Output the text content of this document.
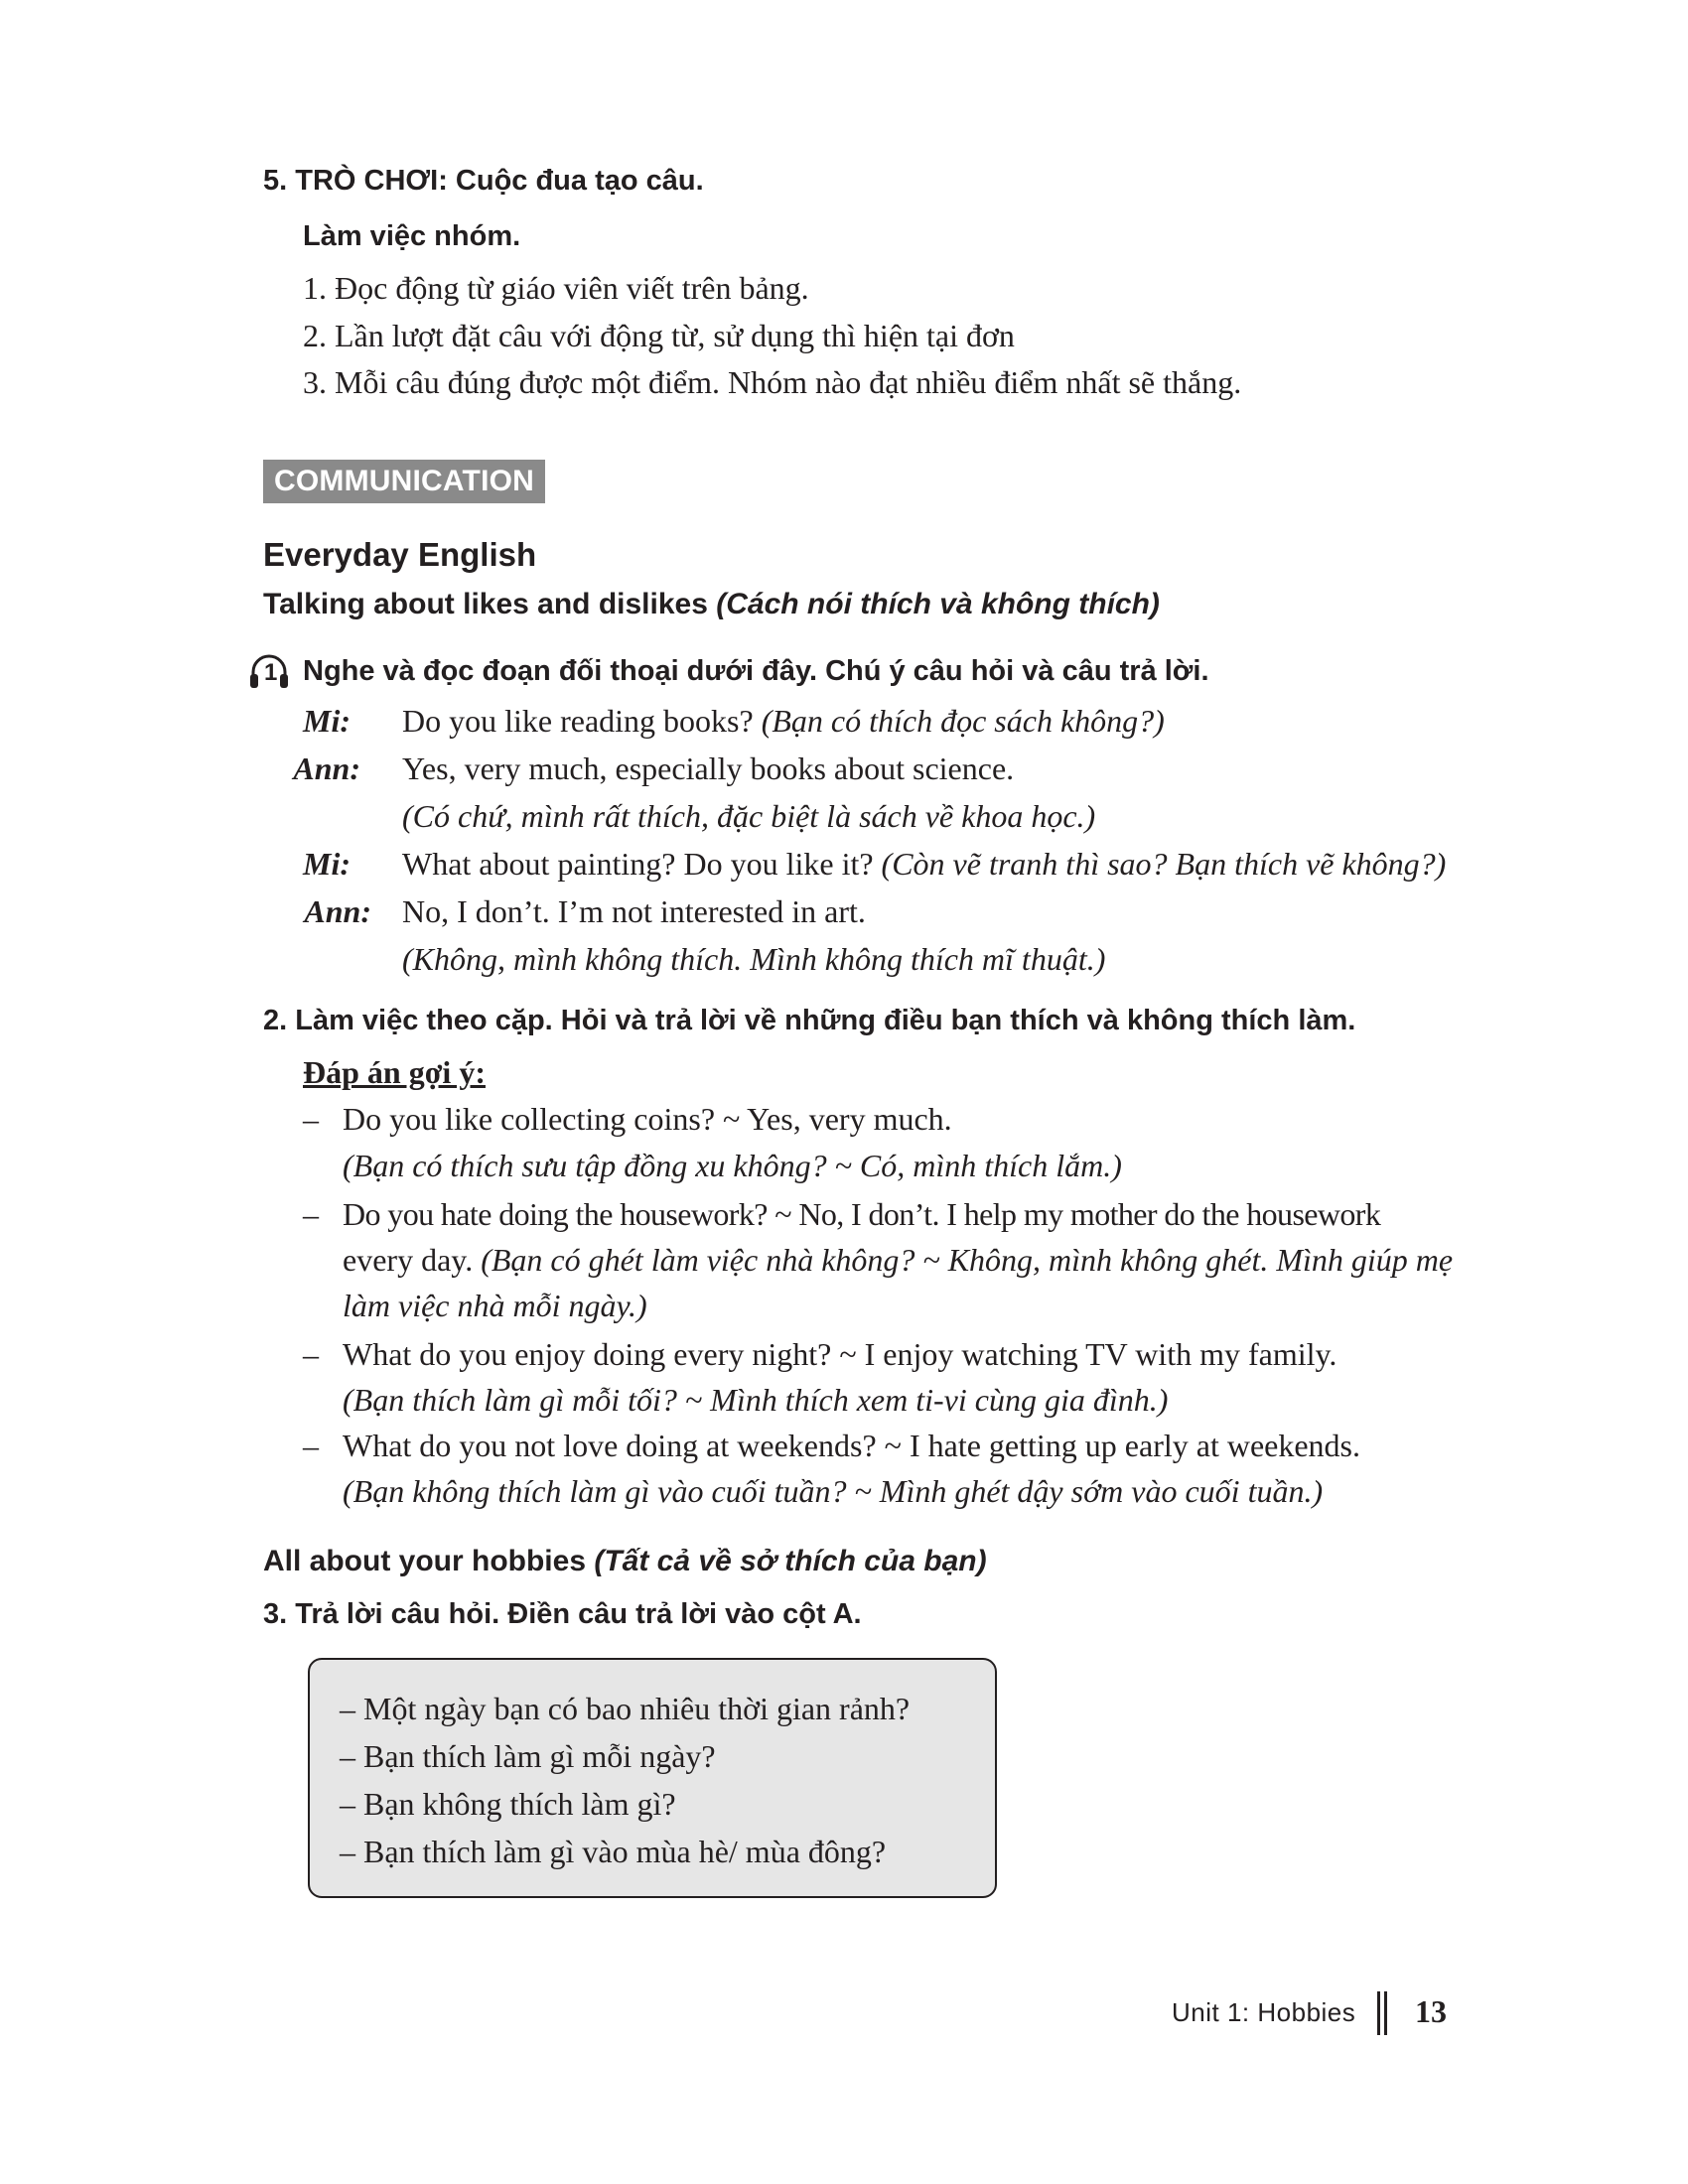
5. TRÒ CHƠI: Cuộc đua tạo câu.
Làm việc nhóm.
1. Đọc động từ giáo viên viết trên bảng.
2. Lần lượt đặt câu với động từ, sử dụng thì hiện tại đơn
3. Mỗi câu đúng được một điểm. Nhóm nào đạt nhiều điểm nhất sẽ thắng.
COMMUNICATION
Everyday English
Talking about likes and dislikes (Cách nói thích và không thích)
1 Nghe và đọc đoạn đối thoại dưới đây. Chú ý câu hỏi và câu trả lời.
Mi: Do you like reading books? (Bạn có thích đọc sách không?)
Ann: Yes, very much, especially books about science.
(Có chứ, mình rất thích, đặc biệt là sách về khoa học.)
Mi: What about painting? Do you like it? (Còn vẽ tranh thì sao? Bạn thích vẽ không?)
Ann: No, I don’t. I’m not interested in art.
(Không, mình không thích. Mình không thích mĩ thuật.)
2. Làm việc theo cặp. Hỏi và trả lời về những điều bạn thích và không thích làm.
Đáp án gợi ý:
– Do you like collecting coins? ~ Yes, very much.
(Bạn có thích sưu tập đồng xu không? ~ Có, mình thích lắm.)
– Do you hate doing the housework? ~ No, I don’t. I help my mother do the housework
every day. (Bạn có ghét làm việc nhà không? ~ Không, mình không ghét. Mình giúp mẹ
làm việc nhà mỗi ngày.)
– What do you enjoy doing every night? ~ I enjoy watching TV with my family.
(Bạn thích làm gì mỗi tối? ~ Mình thích xem ti-vi cùng gia đình.)
– What do you not love doing at weekends? ~ I hate getting up early at weekends.
(Bạn không thích làm gì vào cuối tuần? ~ Mình ghét dậy sớm vào cuối tuần.)
All about your hobbies (Tất cả về sở thích của bạn)
3. Trả lời câu hỏi. Điền câu trả lời vào cột A.
– Một ngày bạn có bao nhiêu thời gian rảnh?
– Bạn thích làm gì mỗi ngày?
– Bạn không thích làm gì?
– Bạn thích làm gì vào mùa hè/ mùa đông?
Unit 1: Hobbies 13
